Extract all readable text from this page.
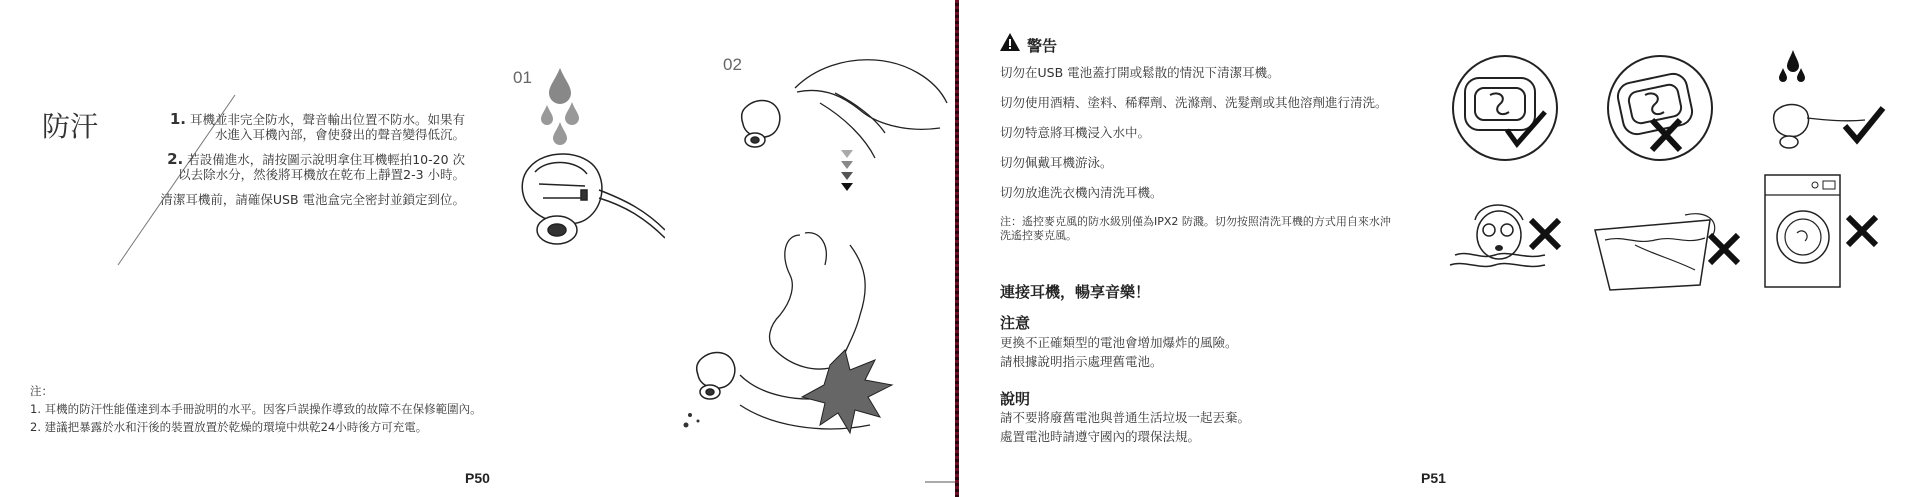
防汗	1. 耳機並非完全防水，聲音輸出位置不防水。如果有水進入耳機內部，會使發出的聲音變得低沉。

2. 若設備進水，請按圖示說明拿住耳機輕拍10-20 次以去除水分，然後將耳機放在乾布上靜置2-3 小時。

清潔耳機前，請確保USB 電池盒完全密封並鎖定到位。

01
02
注：
1. 耳機的防汗性能僅達到本手冊說明的水平。因客戶誤操作導致的故障不在保修範圍內。
2. 建議把暴露於水和汗後的裝置放置於乾燥的環境中烘乾24小時後方可充電。
P50
警告

切勿在USB 電池蓋打開或鬆散的情況下清潔耳機。

切勿使用酒精、塗料、稀釋劑、洗滌劑、洗髮劑或其他溶劑進行清洗。

切勿特意將耳機浸入水中。

切勿佩戴耳機游泳。

切勿放進洗衣機內清洗耳機。

注：遙控麥克風的防水級別僅為IPX2 防濺。切勿按照清洗耳機的方式用自來水沖洗遙控麥克風。

連接耳機，暢享音樂！
注意
更換不正確類型的電池會增加爆炸的風險。
請根據說明指示處理舊電池。
說明
請不要將廢舊電池與普通生活垃圾一起丟棄。
處置電池時請遵守國內的環保法規。
P51
